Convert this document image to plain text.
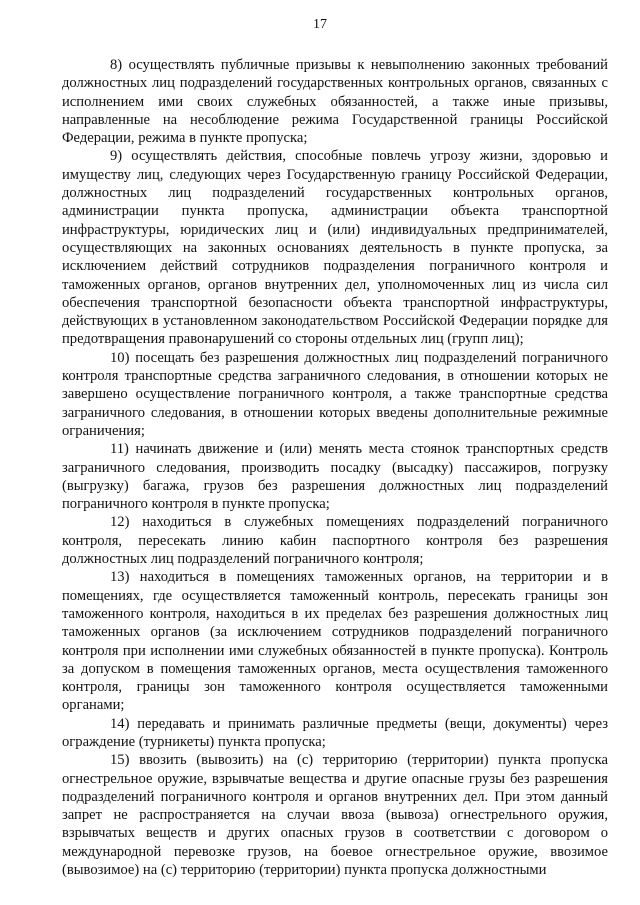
17

8) осуществлять публичные призывы к невыполнению законных требований должностных лиц подразделений государственных контрольных органов, связанных с исполнением ими своих служебных обязанностей, а также иные призывы, направленные на несоблюдение режима Государственной границы Российской Федерации, режима в пункте пропуска;

9) осуществлять действия, способные повлечь угрозу жизни, здоровью и имуществу лиц, следующих через Государственную границу Российской Федерации, должностных лиц подразделений государственных контрольных органов, администрации пункта пропуска, администрации объекта транспортной инфраструктуры, юридических лиц и (или) индивидуальных предпринимателей, осуществляющих на законных основаниях деятельность в пункте пропуска, за исключением действий сотрудников подразделения пограничного контроля и таможенных органов, органов внутренних дел, уполномоченных лиц из числа сил обеспечения транспортной безопасности объекта транспортной инфраструктуры, действующих в установленном законодательством Российской Федерации порядке для предотвращения правонарушений со стороны отдельных лиц (групп лиц);

10) посещать без разрешения должностных лиц подразделений пограничного контроля транспортные средства заграничного следования, в отношении которых не завершено осуществление пограничного контроля, а также транспортные средства заграничного следования, в отношении которых введены дополнительные режимные ограничения;

11) начинать движение и (или) менять места стоянок транспортных средств заграничного следования, производить посадку (высадку) пассажиров, погрузку (выгрузку) багажа, грузов без разрешения должностных лиц подразделений пограничного контроля в пункте пропуска;

12) находиться в служебных помещениях подразделений пограничного контроля, пересекать линию кабин паспортного контроля без разрешения должностных лиц подразделений пограничного контроля;

13) находиться в помещениях таможенных органов, на территории и в помещениях, где осуществляется таможенный контроль, пересекать границы зон таможенного контроля, находиться в их пределах без разрешения должностных лиц таможенных органов (за исключением сотрудников подразделений пограничного контроля при исполнении ими служебных обязанностей в пункте пропуска). Контроль за допуском в помещения таможенных органов, места осуществления таможенного контроля, границы зон таможенного контроля осуществляется таможенными органами;

14) передавать и принимать различные предметы (вещи, документы) через ограждение (турникеты) пункта пропуска;

15) ввозить (вывозить) на (с) территорию (территории) пункта пропуска огнестрельное оружие, взрывчатые вещества и другие опасные грузы без разрешения подразделений пограничного контроля и органов внутренних дел. При этом данный запрет не распространяется на случаи ввоза (вывоза) огнестрельного оружия, взрывчатых веществ и других опасных грузов в соответствии с договором о международной перевозке грузов, на боевое огнестрельное оружие, ввозимое (вывозимое) на (с) территорию (территории) пункта пропуска должностными
